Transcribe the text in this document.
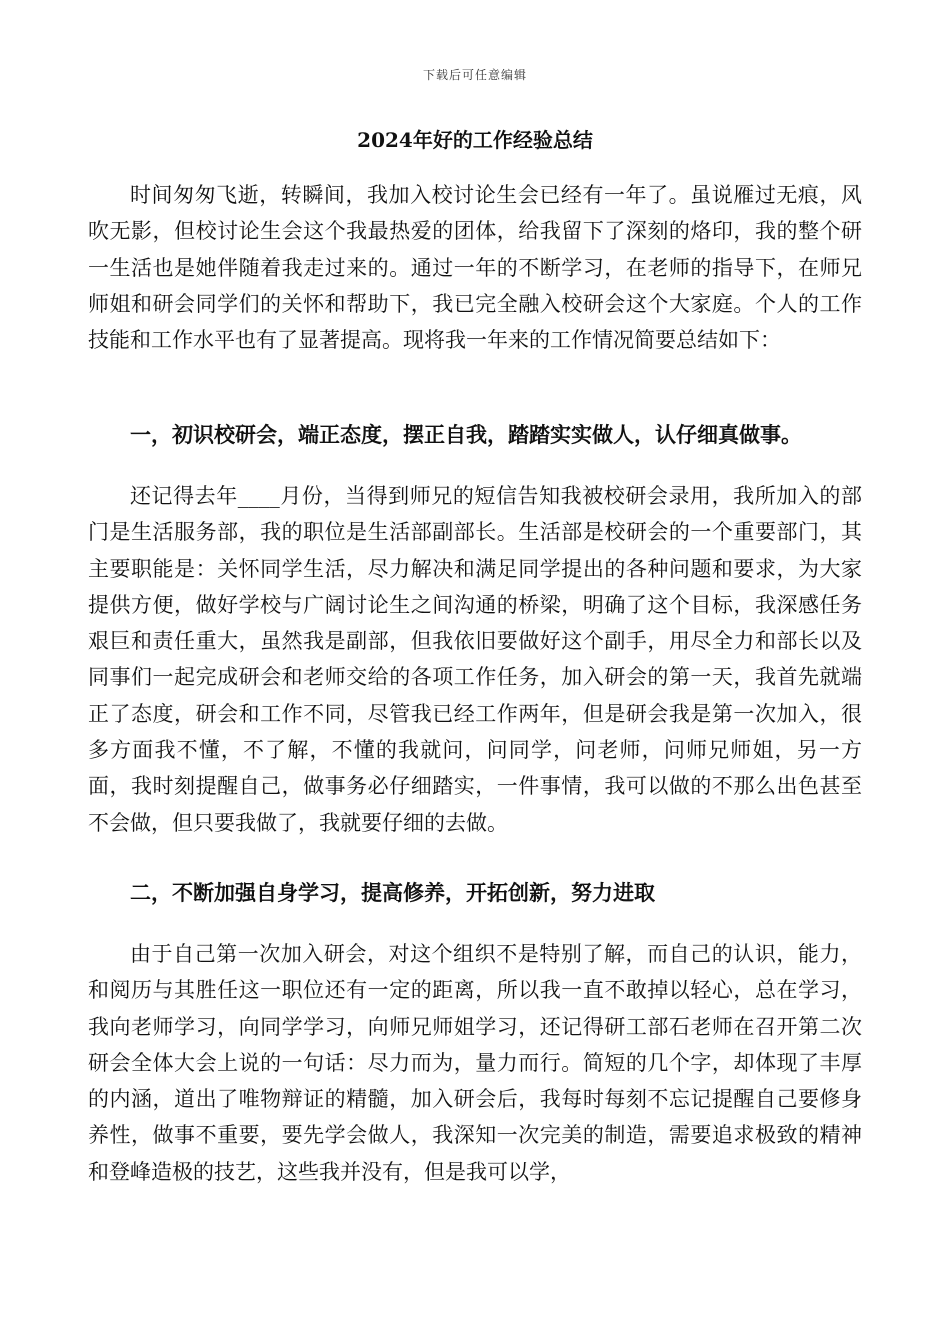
下载后可任意编辑
2024年好的工作经验总结

时间匆匆飞逝，转瞬间，我加入校讨论生会已经有一年了。虽说雁过无痕，风吹无影，但校讨论生会这个我最热爱的团体，给我留下了深刻的烙印，我的整个研一生活也是她伴随着我走过来的。通过一年的不断学习，在老师的指导下，在师兄师姐和研会同学们的关怀和帮助下，我已完全融入校研会这个大家庭。个人的工作技能和工作水平也有了显著提高。现将我一年来的工作情况简要总结如下：

一，初识校研会，端正态度，摆正自我，踏踏实实做人，认仔细真做事。

还记得去年____月份，当得到师兄的短信告知我被校研会录用，我所加入的部门是生活服务部，我的职位是生活部副部长。生活部是校研会的一个重要部门，其主要职能是：关怀同学生活，尽力解决和满足同学提出的各种问题和要求，为大家提供方便，做好学校与广阔讨论生之间沟通的桥梁，明确了这个目标，我深感任务艰巨和责任重大，虽然我是副部，但我依旧要做好这个副手，用尽全力和部长以及同事们一起完成研会和老师交给的各项工作任务，加入研会的第一天，我首先就端正了态度，研会和工作不同，尽管我已经工作两年，但是研会我是第一次加入，很多方面我不懂，不了解，不懂的我就问，问同学，问老师，问师兄师姐，另一方面，我时刻提醒自己，做事务必仔细踏实，一件事情，我可以做的不那么出色甚至不会做，但只要我做了，我就要仔细的去做。

二，不断加强自身学习，提高修养，开拓创新，努力进取

由于自己第一次加入研会，对这个组织不是特别了解，而自己的认识，能力，和阅历与其胜任这一职位还有一定的距离，所以我一直不敢掉以轻心，总在学习，我向老师学习，向同学学习，向师兄师姐学习，还记得研工部石老师在召开第二次研会全体大会上说的一句话：尽力而为，量力而行。简短的几个字，却体现了丰厚的内涵，道出了唯物辩证的精髓，加入研会后，我每时每刻不忘记提醒自己要修身养性，做事不重要，要先学会做人，我深知一次完美的制造，需要追求极致的精神和登峰造极的技艺，这些我并没有，但是我可以学，
